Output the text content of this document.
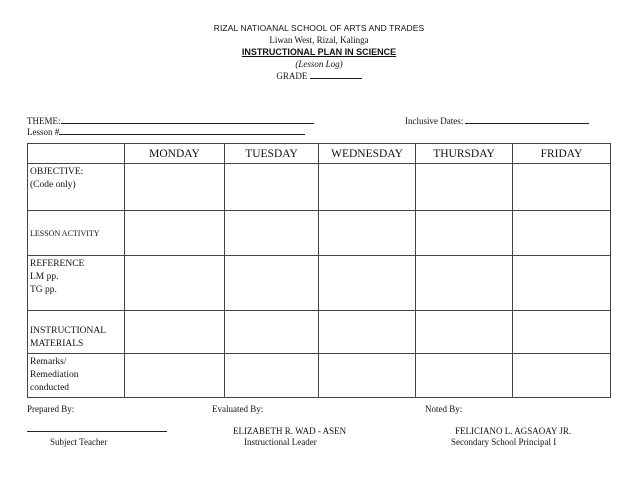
RIZAL NATIOANAL SCHOOL OF ARTS AND TRADES
Liwan West, Rizal, Kalinga
INSTRUCTIONAL PLAN IN SCIENCE
(Lesson Log)
GRADE
THEME:
Lesson #
Inclusive Dates:
	MONDAY	TUESDAY	WEDNESDAY	THURSDAY	FRIDAY

OBJECTIVE:
(Code only)					

LESSON ACTIVITY					

REFERENCE
LM pp.
TG pp.					

INSTRUCTIONAL
MATERIALS					

Remarks/
Remediation
conducted					

Prepared By:	Evaluated By:	Noted By:
Subject Teacher
ELIZABETH R. WAD - ASEN
Instructional Leader
FELICIANO L. AGSAOAY JR.
Secondary School Principal I
